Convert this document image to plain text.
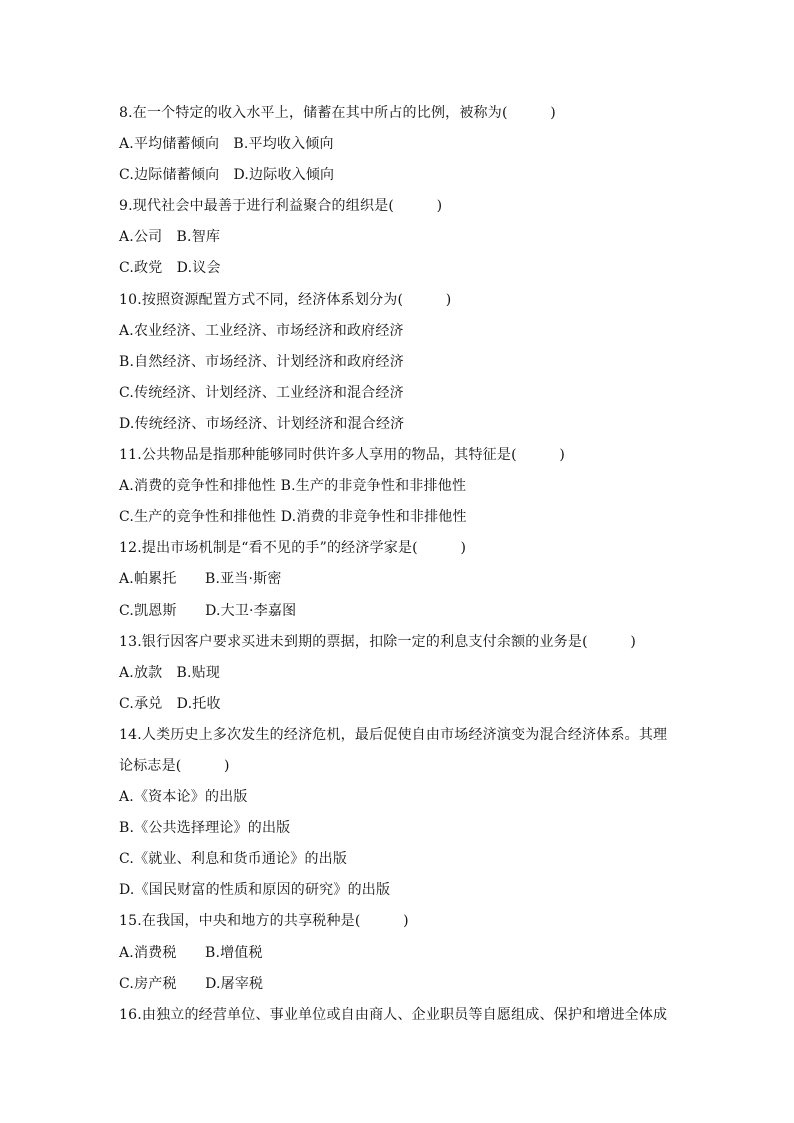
8.在一个特定的收入水平上，储蓄在其中所占的比例，被称为(　　　)
A.平均储蓄倾向　B.平均收入倾向
C.边际储蓄倾向　D.边际收入倾向
9.现代社会中最善于进行利益聚合的组织是(　　　)
A.公司　B.智库
C.政党　D.议会
10.按照资源配置方式不同，经济体系划分为(　　　)
A.农业经济、工业经济、市场经济和政府经济
B.自然经济、市场经济、计划经济和政府经济
C.传统经济、计划经济、工业经济和混合经济
D.传统经济、市场经济、计划经济和混合经济
11.公共物品是指那种能够同时供许多人享用的物品，其特征是(　　　)
A.消费的竞争性和排他性 B.生产的非竞争性和非排他性
C.生产的竞争性和排他性 D.消费的非竞争性和非排他性
12.提出市场机制是“看不见的手”的经济学家是(　　　)
A.帕累托　　B.亚当·斯密
C.凯恩斯　　D.大卫·李嘉图
13.银行因客户要求买进未到期的票据，扣除一定的利息支付余额的业务是(　　　)
A.放款　B.贴现
C.承兑　D.托收
14.人类历史上多次发生的经济危机，最后促使自由市场经济演变为混合经济体系。其理
论标志是(　　　)
A.《资本论》的出版
B.《公共选择理论》的出版
C.《就业、利息和货币通论》的出版
D.《国民财富的性质和原因的研究》的出版
15.在我国，中央和地方的共享税种是(　　　)
A.消费税　　B.增值税
C.房产税　　D.屠宰税
16.由独立的经营单位、事业单位或自由商人、企业职员等自愿组成、保护和增进全体成
